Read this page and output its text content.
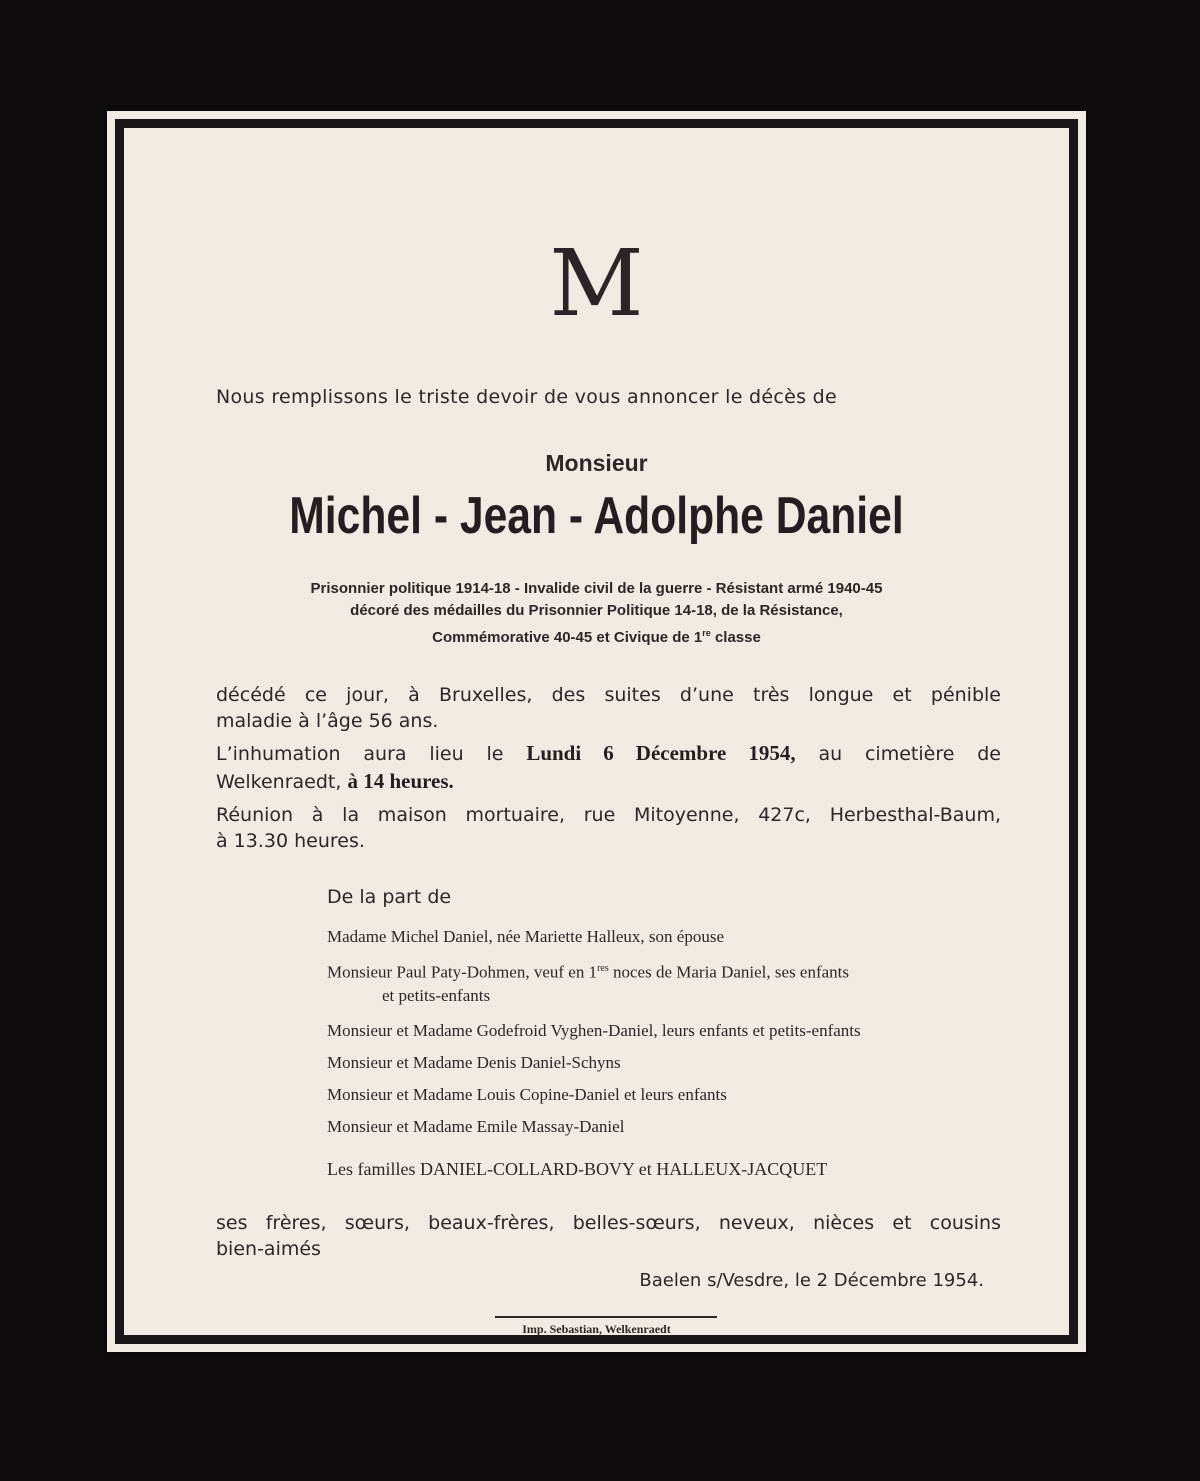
M
Nous remplissons le triste devoir de vous annoncer le décès de
Monsieur
Michel - Jean - Adolphe Daniel
Prisonnier politique 1914-18 - Invalide civil de la guerre - Résistant armé 1940-45
décoré des médailles du Prisonnier Politique 14-18, de la Résistance,
Commémorative 40-45 et Civique de 1re classe
décédé ce jour, à Bruxelles, des suites d’une très longue et pénible
maladie à l’âge 56 ans.
L’inhumation aura lieu le Lundi 6 Décembre 1954, au cimetière de
Welkenraedt, à 14 heures.
Réunion à la maison mortuaire, rue Mitoyenne, 427c, Herbesthal-Baum,
à 13.30 heures.
De la part de
Madame Michel Daniel, née Mariette Halleux, son épouse
Monsieur Paul Paty-Dohmen, veuf en 1res noces de Maria Daniel, ses enfants
et petits-enfants
Monsieur et Madame Godefroid Vyghen-Daniel, leurs enfants et petits-enfants
Monsieur et Madame Denis Daniel-Schyns
Monsieur et Madame Louis Copine-Daniel et leurs enfants
Monsieur et Madame Emile Massay-Daniel
Les familles DANIEL-COLLARD-BOVY et HALLEUX-JACQUET
ses frères, sœurs, beaux-frères, belles-sœurs, neveux, nièces et cousins
bien-aimés
Baelen s/Vesdre, le 2 Décembre 1954.
Imp. Sebastian, Welkenraedt
